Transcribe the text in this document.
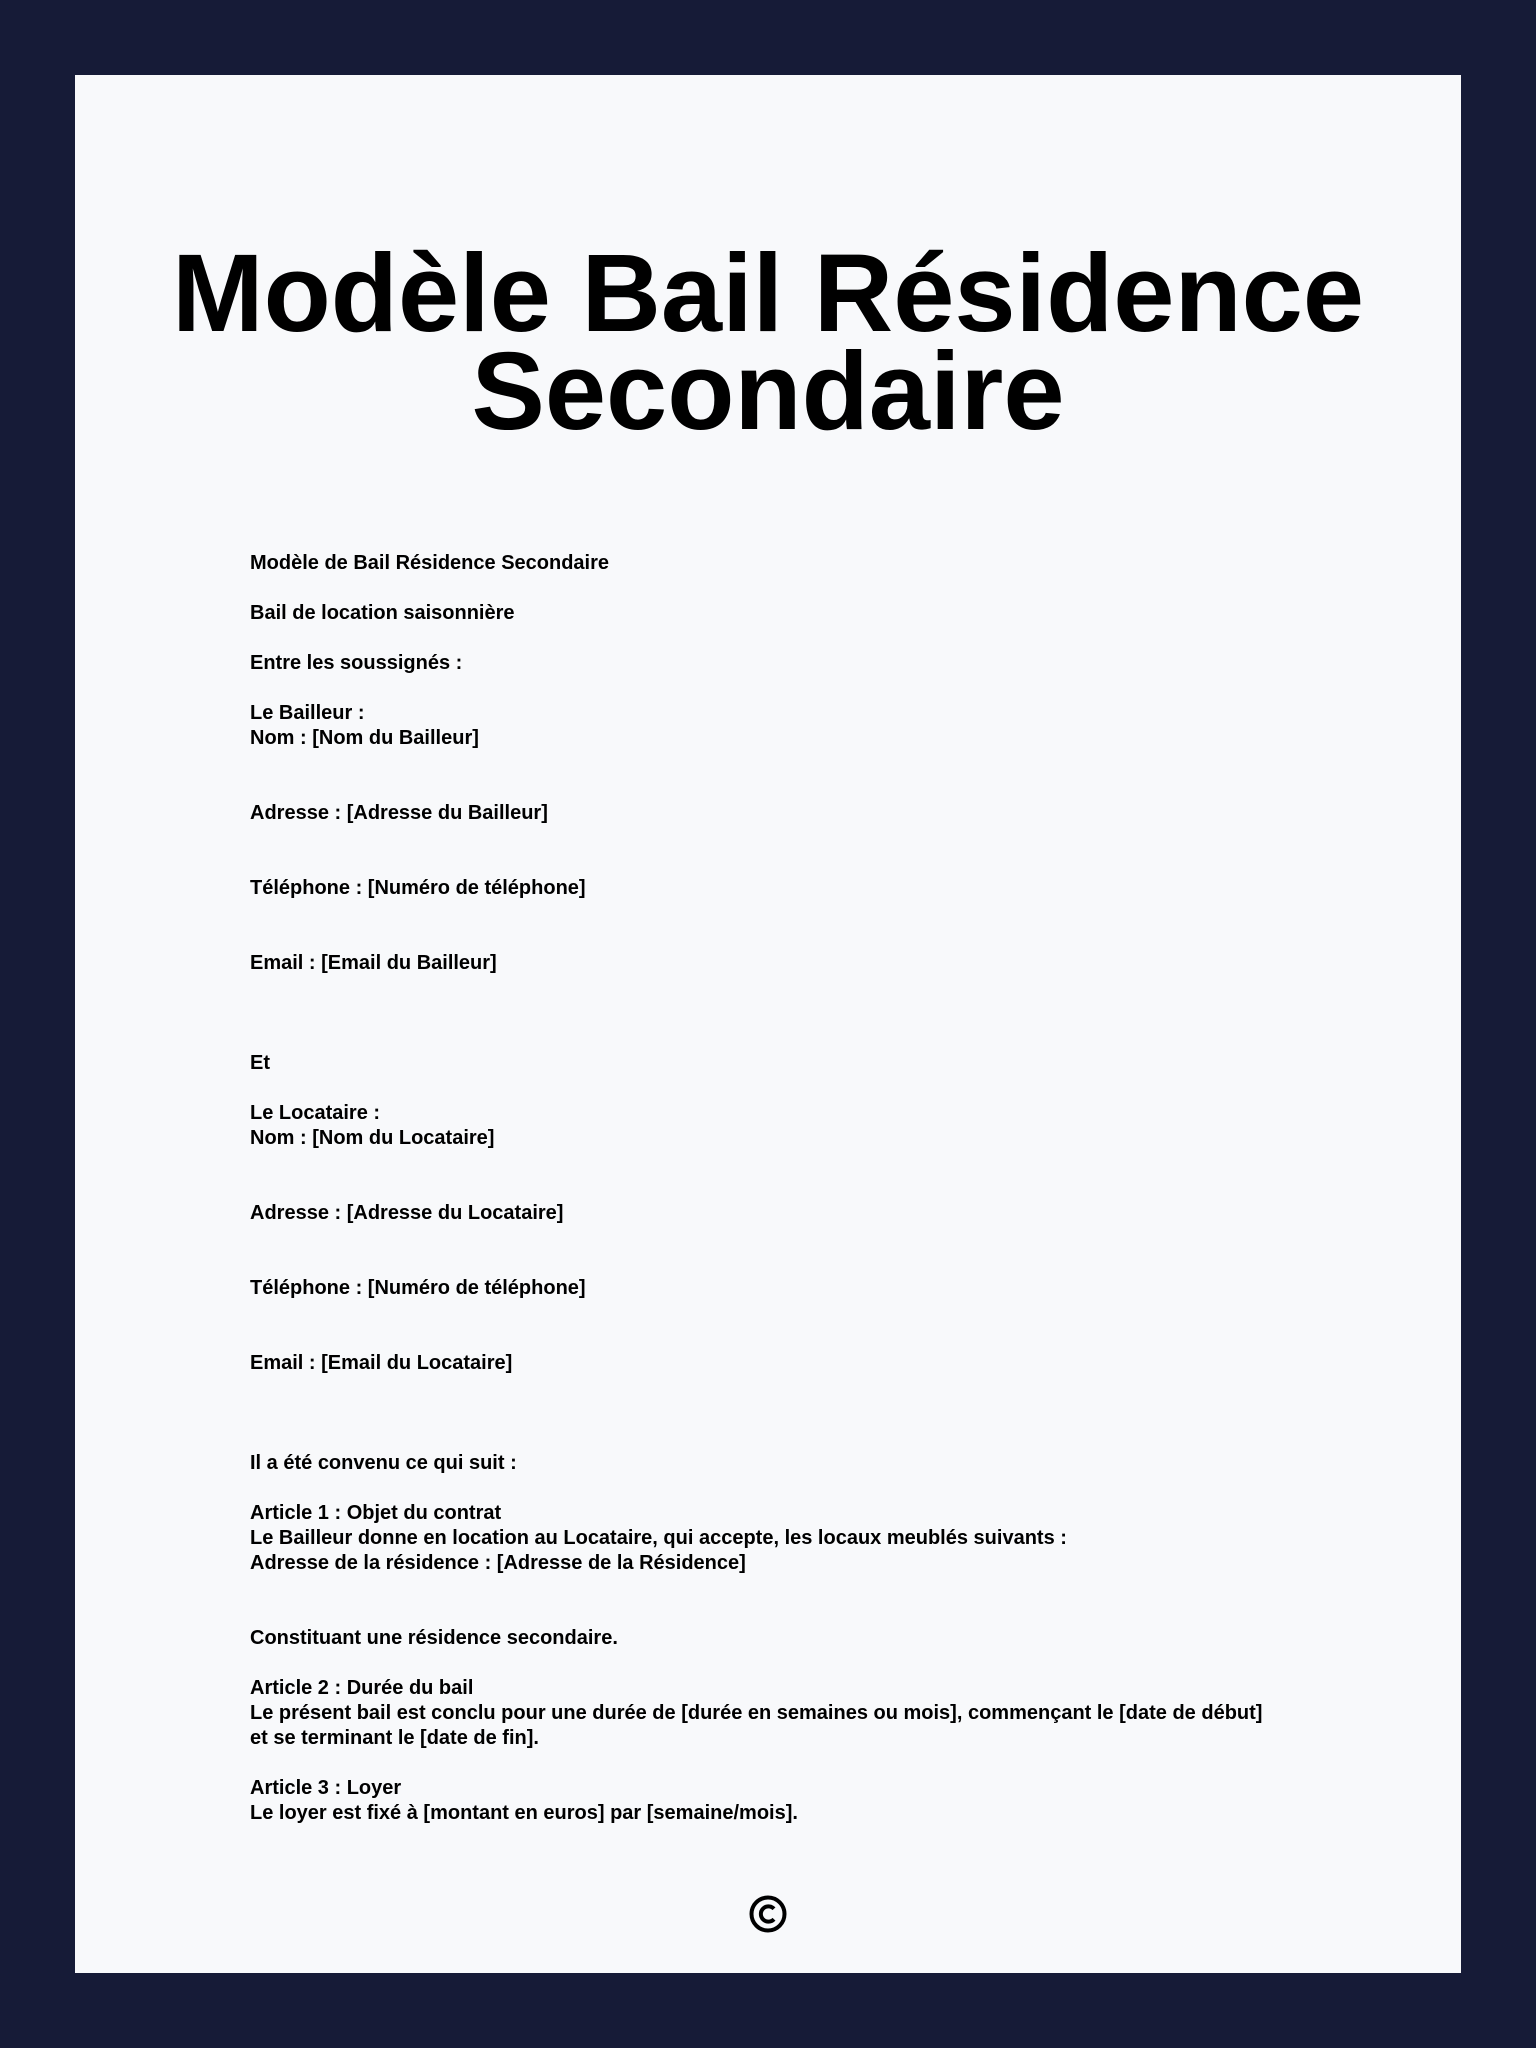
Modèle Bail Résidence Secondaire
Modèle de Bail Résidence Secondaire
Bail de location saisonnière
Entre les soussignés :
Le Bailleur :
Nom : [Nom du Bailleur]
Adresse : [Adresse du Bailleur]
Téléphone : [Numéro de téléphone]
Email : [Email du Bailleur]
Et
Le Locataire :
Nom : [Nom du Locataire]
Adresse : [Adresse du Locataire]
Téléphone : [Numéro de téléphone]
Email : [Email du Locataire]
Il a été convenu ce qui suit :
Article 1 : Objet du contrat
Le Bailleur donne en location au Locataire, qui accepte, les locaux meublés suivants :
Adresse de la résidence : [Adresse de la Résidence]
Constituant une résidence secondaire.
Article 2 : Durée du bail
Le présent bail est conclu pour une durée de [durée en semaines ou mois], commençant le [date de début]
et se terminant le [date de fin].
Article 3 : Loyer
Le loyer est fixé à [montant en euros] par [semaine/mois].
